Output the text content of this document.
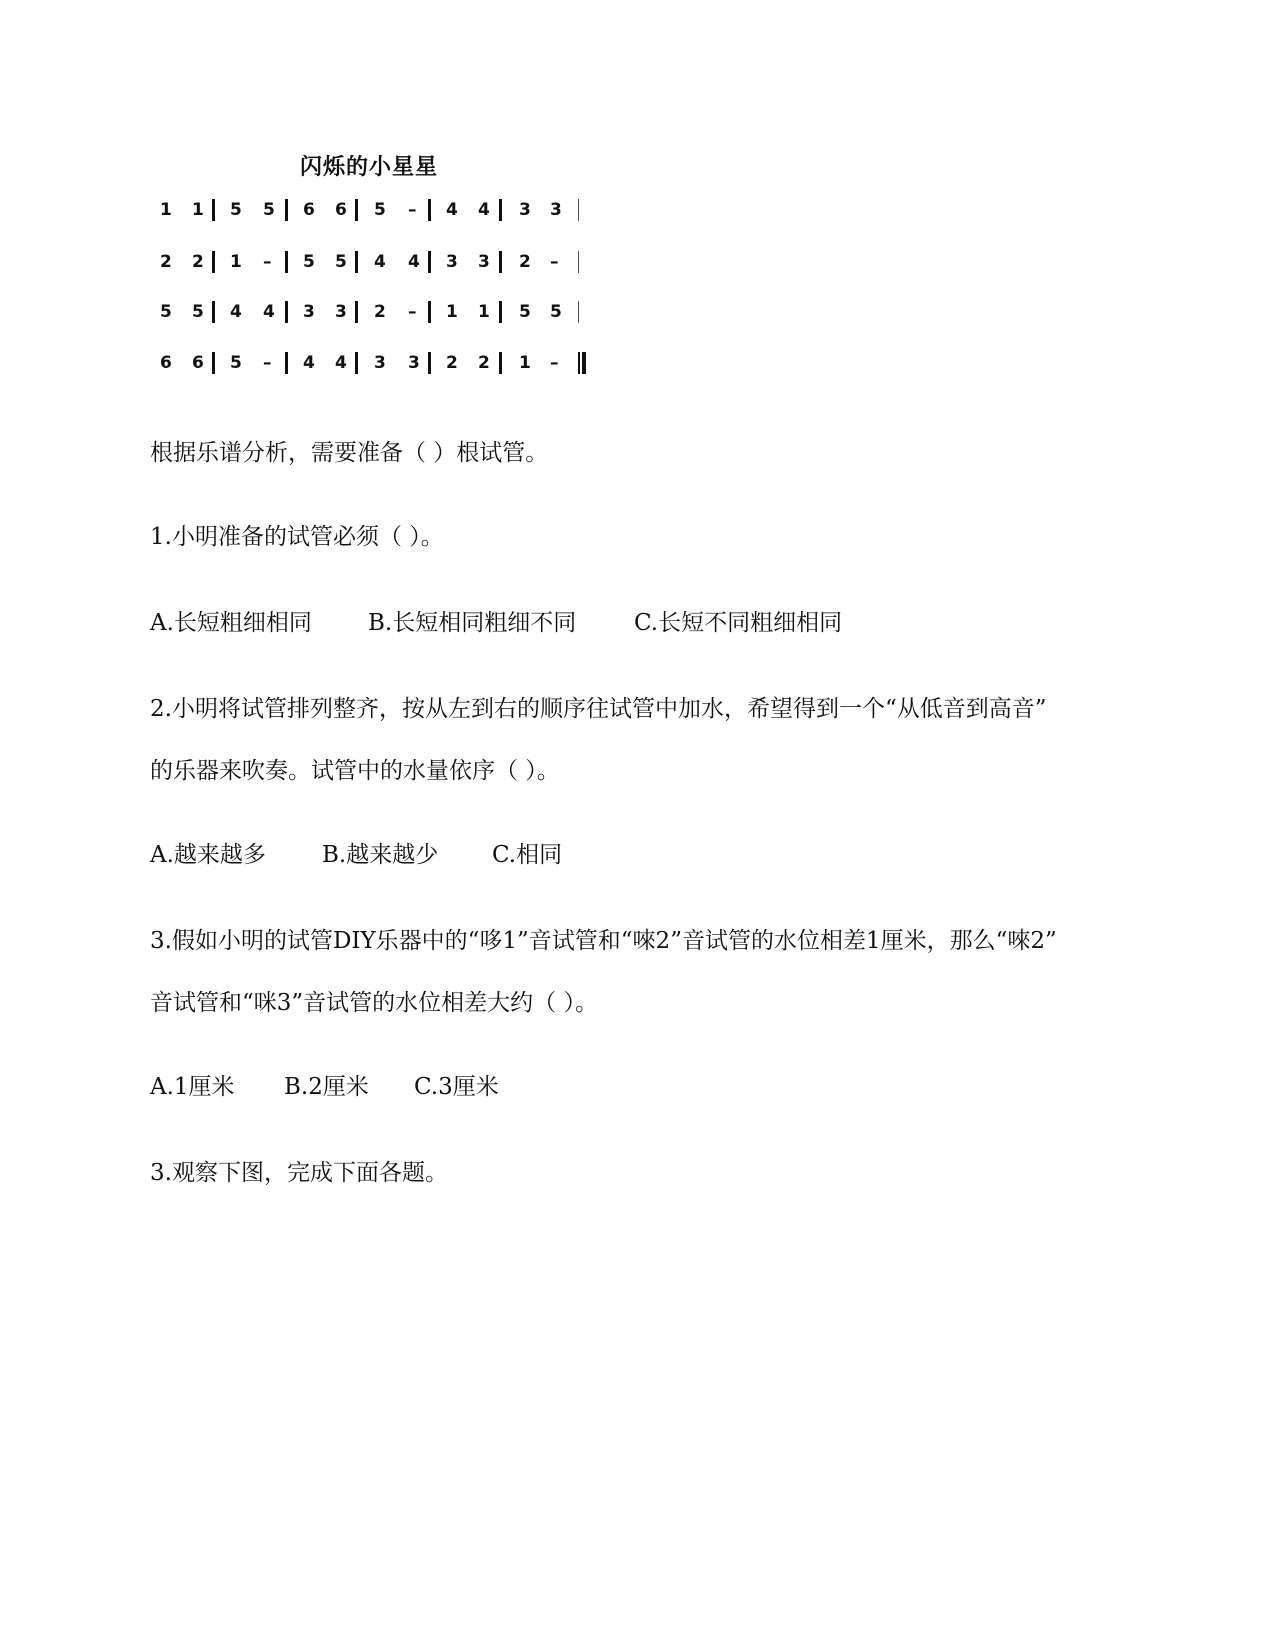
闪烁的小星星
1 1 5 5 6 6 5 – 4 4 3 3
2 2 1 – 5 5 4 4 3 3 2 –
5 5 4 4 3 3 2 – 1 1 5 5
6 6 5 – 4 4 3 3 2 2 1 –
根据乐谱分析，需要准备（ ）根试管。
1.小明准备的试管必须（ ）。
A.长短粗细相同 B.长短相同粗细不同	C.长短不同粗细相同
2.小明将试管排列整齐，按从左到右的顺序往试管中加水，希望得到一个“从低音到高音”
的乐器来吹奏。试管中的水量依序（ ）。
A.越来越多 B.越来越少 C.相同
3.假如小明的试管DIY乐器中的“哆1”音试管和“唻2”音试管的水位相差1厘米，那么“唻2”
音试管和“咪3”音试管的水位相差大约（ ）。
A.1厘米 B.2厘米 C.3厘米
3.观察下图，完成下面各题。
